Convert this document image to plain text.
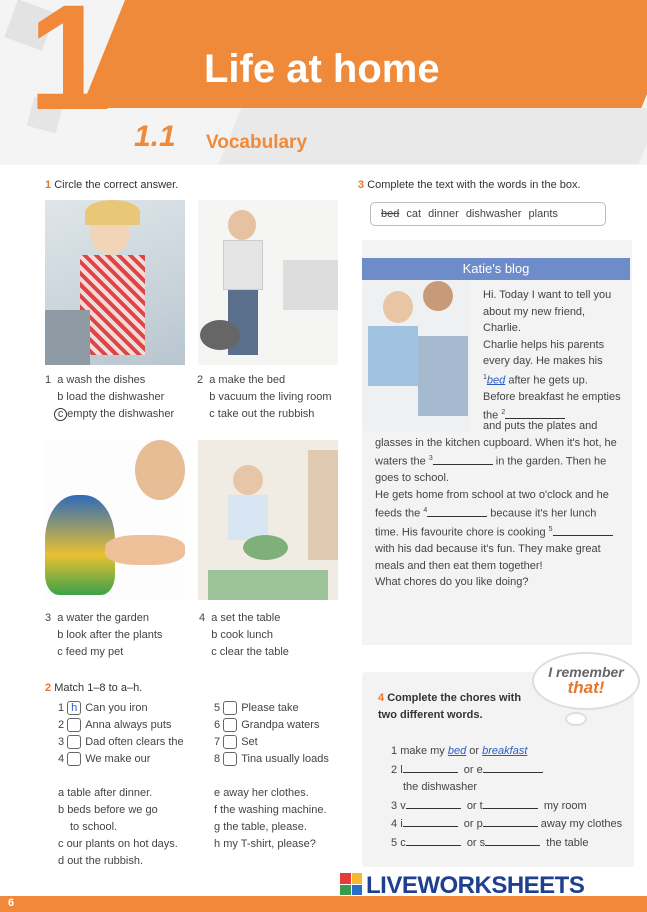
1 Life at home
1.1 Vocabulary
1 Circle the correct answer.
1  a wash the dishes
b load the dishwasher
c empty the dishwasher
2  a make the bed
b vacuum the living room
c take out the rubbish
3  a water the garden
b look after the plants
c feed my pet
4  a set the table
b cook lunch
c clear the table
2 Match 1–8 to a–h.
1 h Can you iron
2 Anna always puts
3 Dad often clears the
4 We make our
5 Please take
6 Grandpa waters
7 Set
8 Tina usually loads
a table after dinner.
b beds before we go
to school.
c our plants on hot days.
d out the rubbish.
e away her clothes.
f the washing machine.
g the table, please.
h my T-shirt, please?
3 Complete the text with the words in the box.
bed cat dinner dishwasher plants
Katie's blog
Hi. Today I want to tell you about my new friend, Charlie.
Charlie helps his parents every day. He makes his $^1$bed after he gets up. Before breakfast he empties the $^2$
and puts the plates and glasses in the kitchen cupboard. When it's hot, he waters the $^3$	in the garden. Then he goes to school.
He gets home from school at two o'clock and he feeds the $^4$	because it's her lunch time. His favourite chore is cooking $^5$ with his dad because it's fun. They make great meals and then eat them together!
What chores do you like doing?
I remember
that!
4 Complete the chores with two different words.
1 make my bed or breakfast
2 l	or e
the dishwasher
3 v	or t	my room
4 i	or p	away my clothes
5 c	or s	the table
6
LIVEWORKSHEETS
